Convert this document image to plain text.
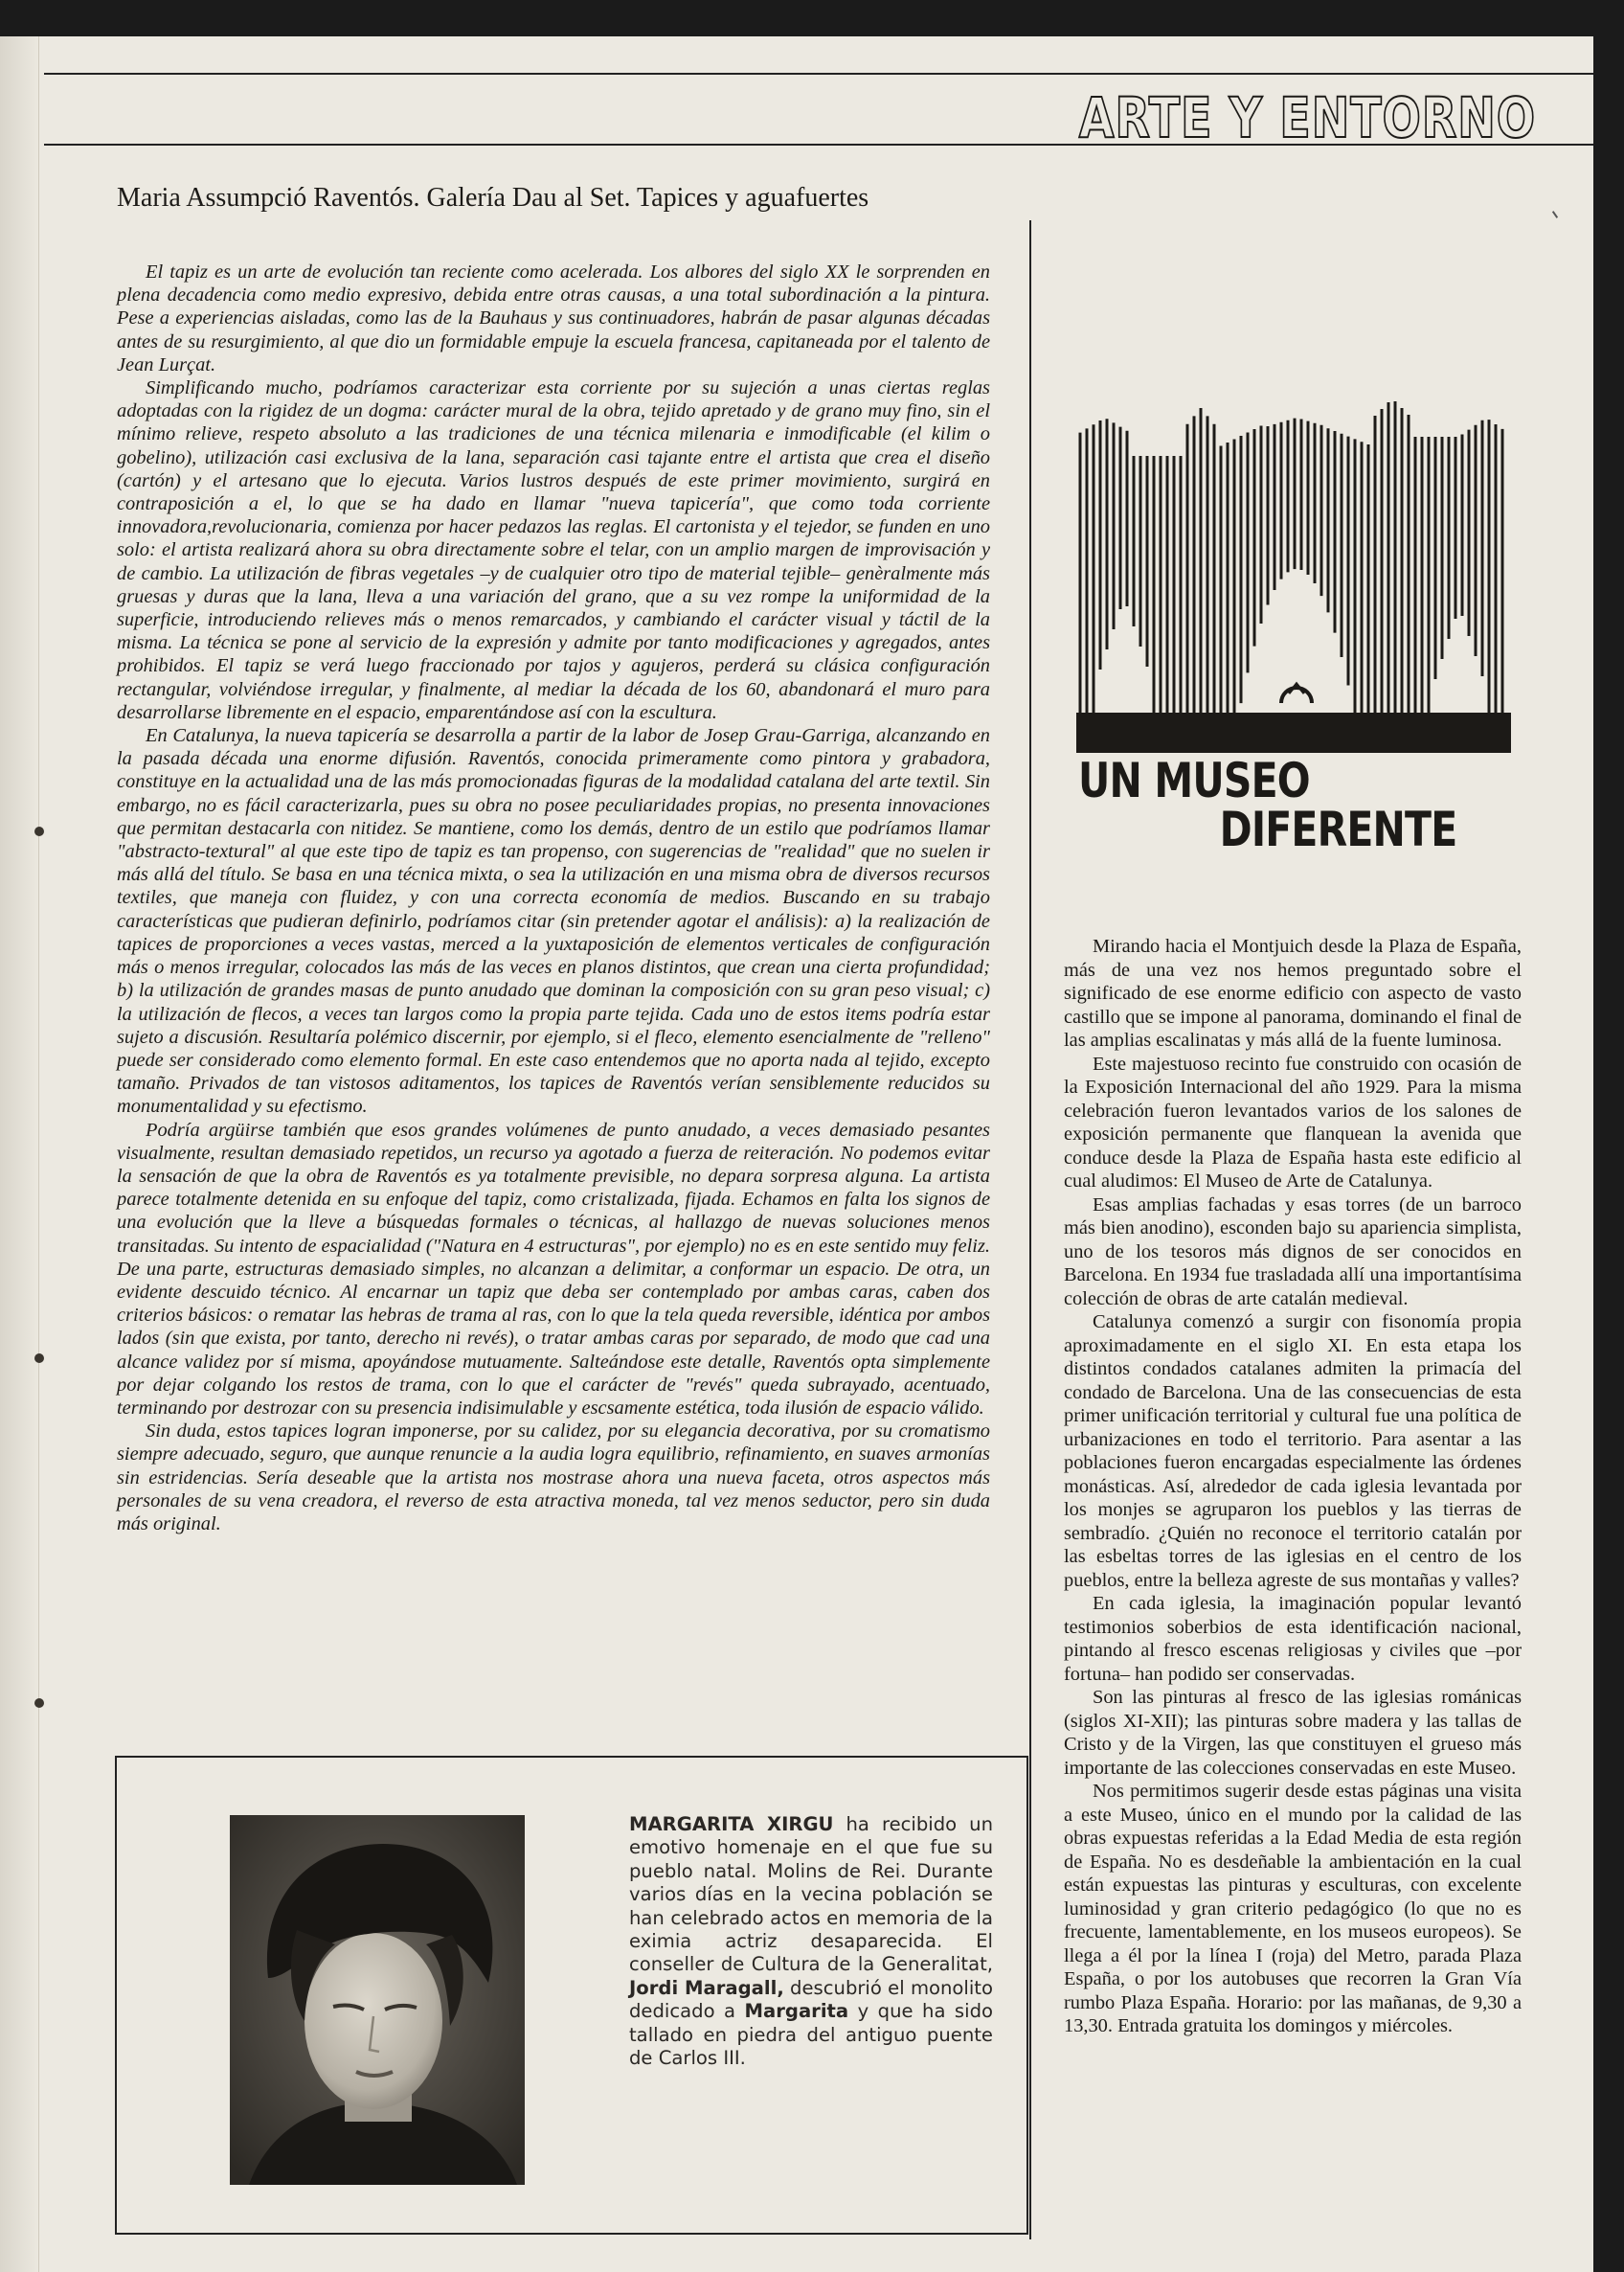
ARTE Y ENTORNO
Maria Assumpció Raventós. Galería Dau al Set. Tapices y aguafuertes

El tapiz es un arte de evolución tan reciente como acelerada. Los albores del siglo XX le sorprenden en plena decadencia como medio expresivo, debida entre otras causas, a una total subordinación a la pintura. Pese a experiencias aisladas, como las de la Bauhaus y sus continuadores, habrán de pasar algunas décadas antes de su resurgimiento, al que dio un formidable empuje la escuela francesa, capitaneada por el talento de Jean Lurçat.

Simplificando mucho, podríamos caracterizar esta corriente por su sujeción a unas ciertas reglas adoptadas con la rigidez de un dogma: carácter mural de la obra, tejido apretado y de grano muy fino, sin el mínimo relieve, respeto absoluto a las tradiciones de una técnica milenaria e inmodificable (el kilim o gobelino), utilización casi exclusiva de la lana, separación casi tajante entre el artista que crea el diseño (cartón) y el artesano que lo ejecuta. Varios lustros después de este primer movimiento, surgirá en contraposición a el, lo que se ha dado en llamar "nueva tapicería", que como toda corriente innovadora,revolucionaria, comienza por hacer pedazos las reglas. El cartonista y el tejedor, se funden en uno solo: el artista realizará ahora su obra directamente sobre el telar, con un amplio margen de improvisación y de cambio. La utilización de fibras vegetales –y de cualquier otro tipo de material tejible– genèralmente más gruesas y duras que la lana, lleva a una variación del grano, que a su vez rompe la uniformidad de la superficie, introduciendo relieves más o menos remarcados, y cambiando el carácter visual y táctil de la misma. La técnica se pone al servicio de la expresión y admite por tanto modificaciones y agregados, antes prohibidos. El tapiz se verá luego fraccionado por tajos y agujeros, perderá su clásica configuración rectangular, volviéndose irregular, y finalmente, al mediar la década de los 60, abandonará el muro para desarrollarse libremente en el espacio, emparentándose así con la escultura.

En Catalunya, la nueva tapicería se desarrolla a partir de la labor de Josep Grau-Garriga, alcanzando en la pasada década una enorme difusión. Raventós, conocida primeramente como pintora y grabadora, constituye en la actualidad una de las más promocionadas figuras de la modalidad catalana del arte textil. Sin embargo, no es fácil caracterizarla, pues su obra no posee peculiaridades propias, no presenta innovaciones que permitan destacarla con nitidez. Se mantiene, como los demás, dentro de un estilo que podríamos llamar "abstracto-textural" al que este tipo de tapiz es tan propenso, con sugerencias de "realidad" que no suelen ir más allá del título. Se basa en una técnica mixta, o sea la utilización en una misma obra de diversos recursos textiles, que maneja con fluidez, y con una correcta economía de medios. Buscando en su trabajo características que pudieran definirlo, podríamos citar (sin pretender agotar el análisis): a) la realización de tapices de proporciones a veces vastas, merced a la yuxtaposición de elementos verticales de configuración más o menos irregular, colocados las más de las veces en planos distintos, que crean una cierta profundidad; b) la utilización de grandes masas de punto anudado que dominan la composición con su gran peso visual; c) la utilización de flecos, a veces tan largos como la propia parte tejida. Cada uno de estos items podría estar sujeto a discusión. Resultaría polémico discernir, por ejemplo, si el fleco, elemento esencialmente de "relleno" puede ser considerado como elemento formal. En este caso entendemos que no aporta nada al tejido, excepto tamaño. Privados de tan vistosos aditamentos, los tapices de Raventós verían sensiblemente reducidos su monumentalidad y su efectismo.

Podría argüirse también que esos grandes volúmenes de punto anudado, a veces demasiado pesantes visualmente, resultan demasiado repetidos, un recurso ya agotado a fuerza de reiteración. No podemos evitar la sensación de que la obra de Raventós es ya totalmente previsible, no depara sorpresa alguna. La artista parece totalmente detenida en su enfoque del tapiz, como cristalizada, fijada. Echamos en falta los signos de una evolución que la lleve a búsquedas formales o técnicas, al hallazgo de nuevas soluciones menos transitadas. Su intento de espacialidad ("Natura en 4 estructuras", por ejemplo) no es en este sentido muy feliz. De una parte, estructuras demasiado simples, no alcanzan a delimitar, a conformar un espacio. De otra, un evidente descuido técnico. Al encarnar un tapiz que deba ser contemplado por ambas caras, caben dos criterios básicos: o rematar las hebras de trama al ras, con lo que la tela queda reversible, idéntica por ambos lados (sin que exista, por tanto, derecho ni revés), o tratar ambas caras por separado, de modo que cad una alcance validez por sí misma, apoyándose mutuamente. Salteándose este detalle, Raventós opta simplemente por dejar colgando los restos de trama, con lo que el carácter de "revés" queda subrayado, acentuado, terminando por destrozar con su presencia indisimulable y escsamente estética, toda ilusión de espacio válido.

Sin duda, estos tapices logran imponerse, por su calidez, por su elegancia decorativa, por su cromatismo siempre adecuado, seguro, que aunque renuncie a la audia logra equilibrio, refinamiento, en suaves armonías sin estridencias. Sería deseable que la artista nos mostrase ahora una nueva faceta, otros aspectos más personales de su vena creadora, el reverso de esta atractiva moneda, tal vez menos seductor, pero sin duda más original.

MARGARITA XIRGU ha recibido un emotivo homenaje en el que fue su pueblo natal. Molins de Rei. Durante varios días en la vecina población se han celebrado actos en memoria de la eximia actriz desaparecida. El conseller de Cultura de la Generalitat, Jordi Maragall, descubrió el monolito dedicado a Margarita y que ha sido tallado en piedra del antiguo puente de Carlos III.
UN MUSEO
DIFERENTE

Mirando hacia el Montjuich desde la Plaza de España, más de una vez nos hemos preguntado sobre el significado de ese enorme edificio con aspecto de vasto castillo que se impone al panorama, dominando el final de las amplias escalinatas y más allá de la fuente luminosa.

Este majestuoso recinto fue construido con ocasión de la Exposición Internacional del año 1929. Para la misma celebración fueron levantados varios de los salones de exposición permanente que flanquean la avenida que conduce desde la Plaza de España hasta este edificio al cual aludimos: El Museo de Arte de Catalunya.

Esas amplias fachadas y esas torres (de un barroco más bien anodino), esconden bajo su apariencia simplista, uno de los tesoros más dignos de ser conocidos en Barcelona. En 1934 fue trasladada allí una importantísima colección de obras de arte catalán medieval.

Catalunya comenzó a surgir con fisonomía propia aproximadamente en el siglo XI. En esta etapa los distintos condados catalanes admiten la primacía del condado de Barcelona. Una de las consecuencias de esta primer unificación territorial y cultural fue una política de urbanizaciones en todo el territorio. Para asentar a las poblaciones fueron encargadas especialmente las órdenes monásticas. Así, alrededor de cada iglesia levantada por los monjes se agruparon los pueblos y las tierras de sembradío. ¿Quién no reconoce el territorio catalán por las esbeltas torres de las iglesias en el centro de los pueblos, entre la belleza agreste de sus montañas y valles?

En cada iglesia, la imaginación popular levantó testimonios soberbios de esta identificación nacional, pintando al fresco escenas religiosas y civiles que –por fortuna– han podido ser conservadas.

Son las pinturas al fresco de las iglesias románicas (siglos XI-XII); las pinturas sobre madera y las tallas de Cristo y de la Virgen, las que constituyen el grueso más importante de las colecciones conservadas en este Museo.

Nos permitimos sugerir desde estas páginas una visita a este Museo, único en el mundo por la calidad de las obras expuestas referidas a la Edad Media de esta región de España. No es desdeñable la ambientación en la cual están expuestas las pinturas y esculturas, con excelente luminosidad y gran criterio pedagógico (lo que no es frecuente, lamentablemente, en los museos europeos). Se llega a él por la línea I (roja) del Metro, parada Plaza España, o por los autobuses que recorren la Gran Vía rumbo Plaza España. Horario: por las mañanas, de 9,30 a 13,30. Entrada gratuita los domingos y miércoles.
